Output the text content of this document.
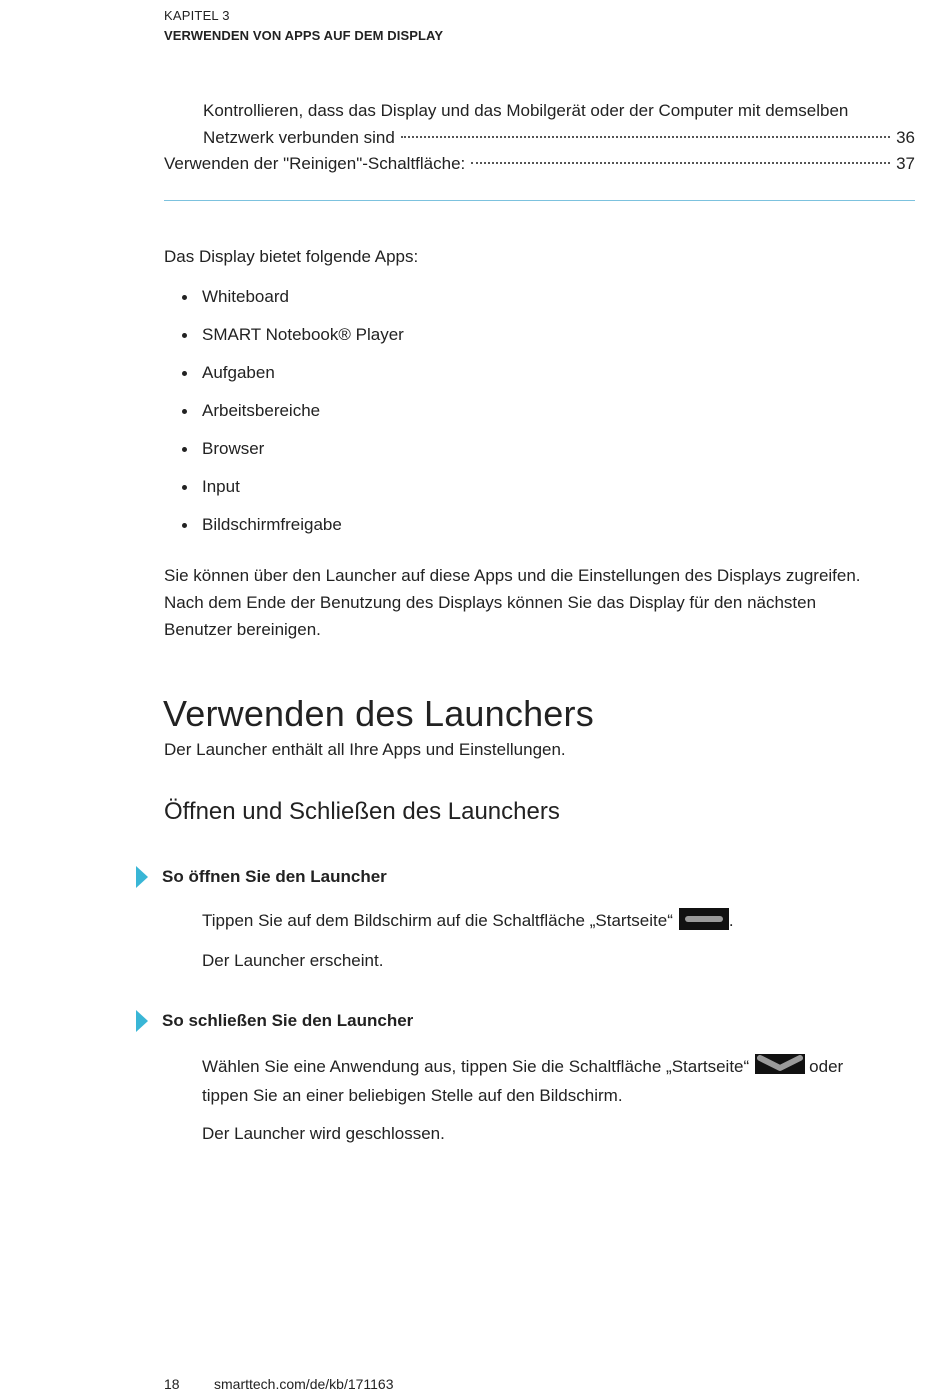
KAPITEL 3
VERWENDEN VON APPS AUF DEM DISPLAY
Kontrollieren, dass das Display und das Mobilgerät oder der Computer mit demselben
Netzwerk verbunden sind	36
Verwenden der "Reinigen"-Schaltfläche:	37
Das Display bietet folgende Apps:
Whiteboard
SMART Notebook® Player
Aufgaben
Arbeitsbereiche
Browser
Input
Bildschirmfreigabe
Sie können über den Launcher auf diese Apps und die Einstellungen des Displays zugreifen.
Nach dem Ende der Benutzung des Displays können Sie das Display für den nächsten
Benutzer bereinigen.
Verwenden des Launchers
Der Launcher enthält all Ihre Apps und Einstellungen.
Öffnen und Schließen des Launchers
So öffnen Sie den Launcher
Tippen Sie auf dem Bildschirm auf die Schaltfläche „Startseite“	.
Der Launcher erscheint.
So schließen Sie den Launcher
Wählen Sie eine Anwendung aus, tippen Sie die Schaltfläche „Startseite“	oder
tippen Sie an einer beliebigen Stelle auf den Bildschirm.
Der Launcher wird geschlossen.
18 smarttech.com/de/kb/171163
